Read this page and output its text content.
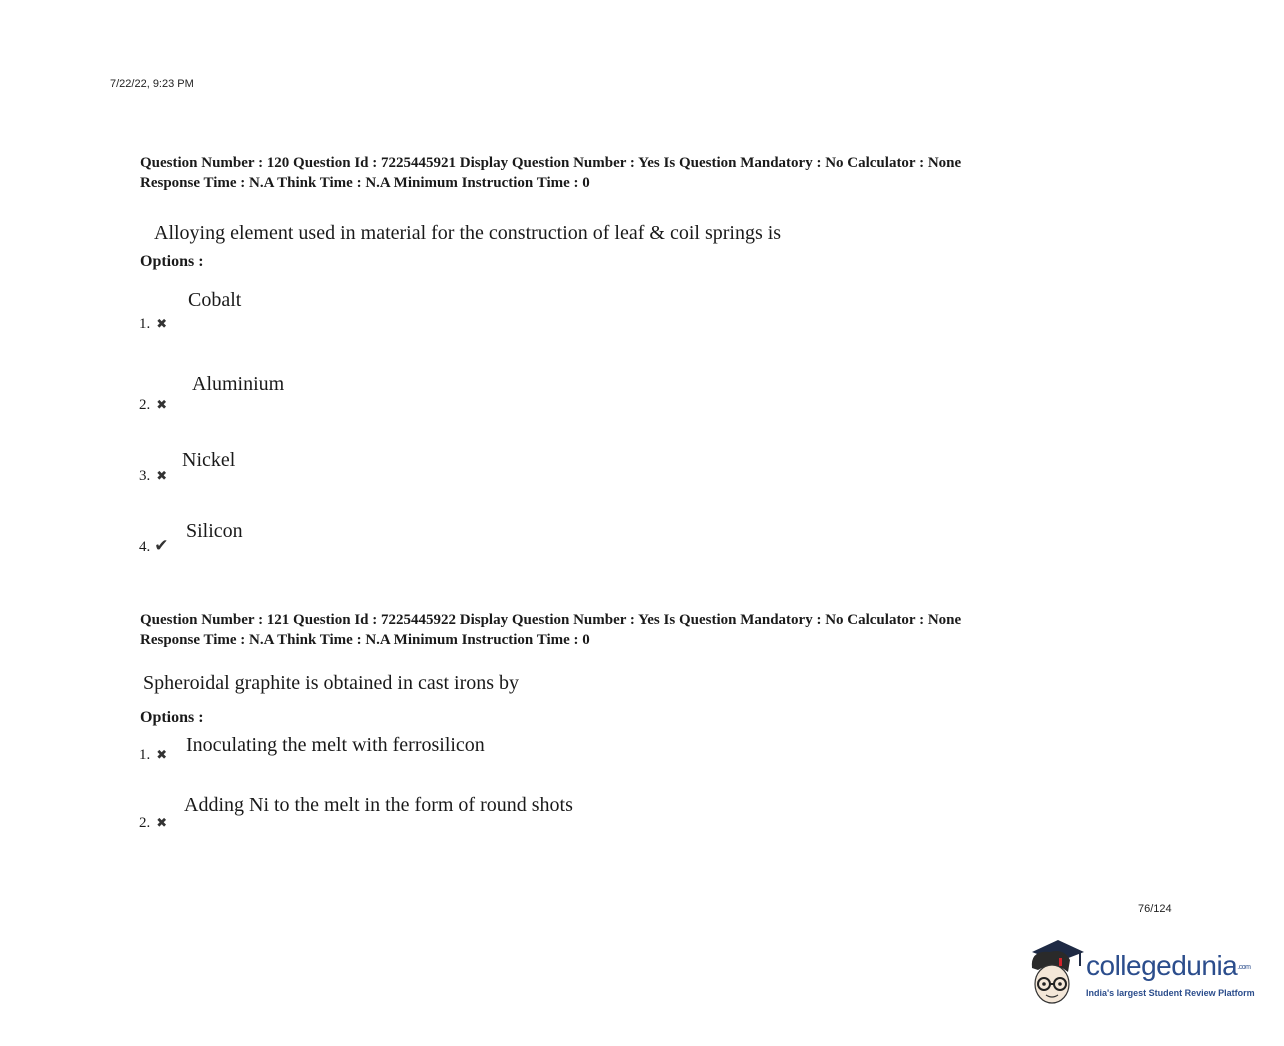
7/22/22, 9:23 PM
Question Number : 120 Question Id : 7225445921 Display Question Number : Yes Is Question Mandatory : No Calculator : None
Response Time : N.A Think Time : N.A Minimum Instruction Time : 0
Alloying element used in material for the construction of leaf & coil springs is
Options :
Cobalt
1. ✖
Aluminium
2. ✖
Nickel
3. ✖
Silicon
4. ✔
Question Number : 121 Question Id : 7225445922 Display Question Number : Yes Is Question Mandatory : No Calculator : None
Response Time : N.A Think Time : N.A Minimum Instruction Time : 0
Spheroidal graphite is obtained in cast irons by
Options :
Inoculating the melt with ferrosilicon
1. ✖
Adding Ni to the melt in the form of round shots
2. ✖
76/124
collegedunia.com
India's largest Student Review Platform
